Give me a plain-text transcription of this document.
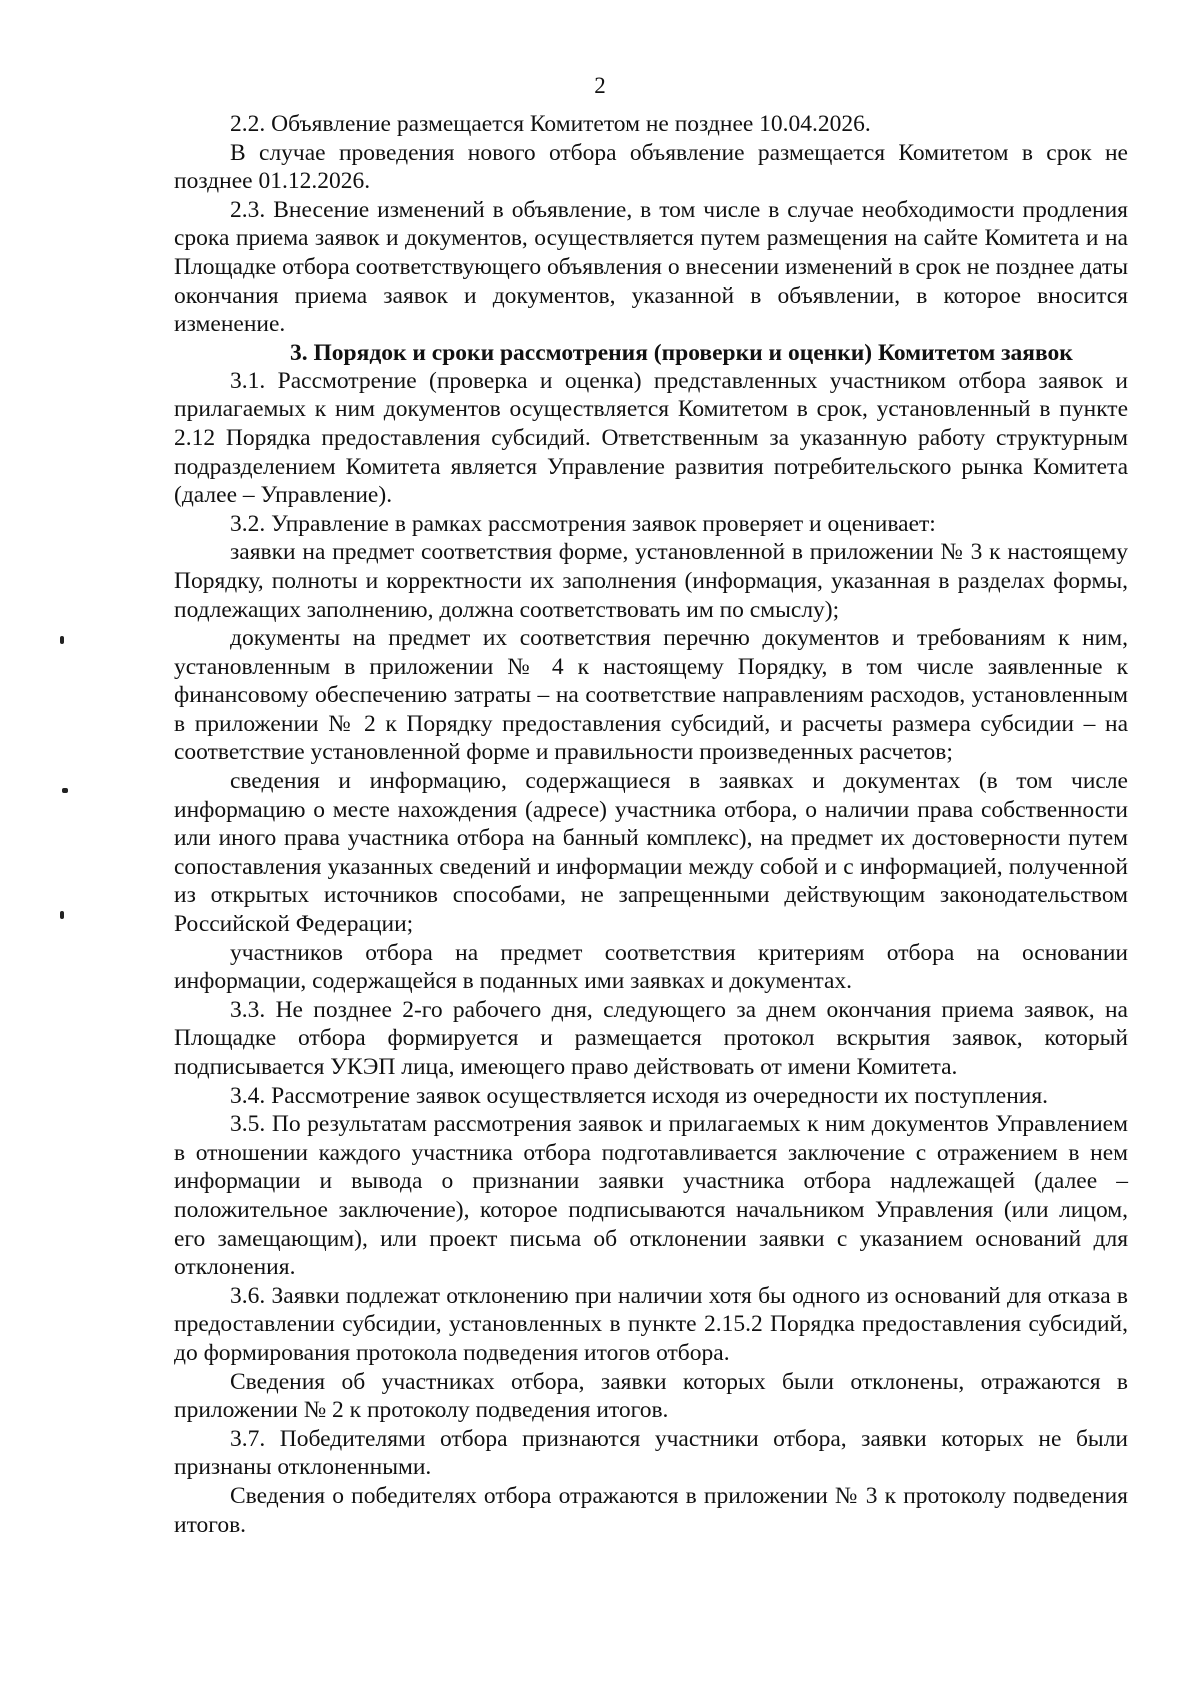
2

2.2. Объявление размещается Комитетом не позднее 10.04.2026.

В случае проведения нового отбора объявление размещается Комитетом в срок не позднее 01.12.2026.

2.3. Внесение изменений в объявление, в том числе в случае необходимости продления срока приема заявок и документов, осуществляется путем размещения на сайте Комитета и на Площадке отбора соответствующего объявления о внесении изменений в срок не позднее даты окончания приема заявок и документов, указанной в объявлении, в которое вносится изменение.

3. Порядок и сроки рассмотрения (проверки и оценки) Комитетом заявок

3.1. Рассмотрение (проверка и оценка) представленных участником отбора заявок и прилагаемых к ним документов осуществляется Комитетом в срок, установленный в пункте 2.12 Порядка предоставления субсидий. Ответственным за указанную работу структурным подразделением Комитета является Управление развития потребительского рынка Комитета (далее – Управление).

3.2. Управление в рамках рассмотрения заявок проверяет и оценивает:

заявки на предмет соответствия форме, установленной в приложении № 3 к настоящему Порядку, полноты и корректности их заполнения (информация, указанная в разделах формы, подлежащих заполнению, должна соответствовать им по смыслу);

документы на предмет их соответствия перечню документов и требованиям к ним, установленным в приложении № 4 к настоящему Порядку, в том числе заявленные к финансовому обеспечению затраты – на соответствие направлениям расходов, установленным в приложении № 2 к Порядку предоставления субсидий, и расчеты размера субсидии – на соответствие установленной форме и правильности произведенных расчетов;

сведения и информацию, содержащиеся в заявках и документах (в том числе информацию о месте нахождения (адресе) участника отбора, о наличии права собственности или иного права участника отбора на банный комплекс), на предмет их достоверности путем сопоставления указанных сведений и информации между собой и с информацией, полученной из открытых источников способами, не запрещенными действующим законодательством Российской Федерации;

участников отбора на предмет соответствия критериям отбора на основании информации, содержащейся в поданных ими заявках и документах.

3.3. Не позднее 2-го рабочего дня, следующего за днем окончания приема заявок, на Площадке отбора формируется и размещается протокол вскрытия заявок, который подписывается УКЭП лица, имеющего право действовать от имени Комитета.

3.4. Рассмотрение заявок осуществляется исходя из очередности их поступления.

3.5. По результатам рассмотрения заявок и прилагаемых к ним документов Управлением в отношении каждого участника отбора подготавливается заключение с отражением в нем информации и вывода о признании заявки участника отбора надлежащей (далее – положительное заключение), которое подписываются начальником Управления (или лицом, его замещающим), или проект письма об отклонении заявки с указанием оснований для отклонения.

3.6. Заявки подлежат отклонению при наличии хотя бы одного из оснований для отказа в предоставлении субсидии, установленных в пункте 2.15.2 Порядка предоставления субсидий, до формирования протокола подведения итогов отбора.

Сведения об участниках отбора, заявки которых были отклонены, отражаются в приложении № 2 к протоколу подведения итогов.

3.7. Победителями отбора признаются участники отбора, заявки которых не были признаны отклоненными.

Сведения о победителях отбора отражаются в приложении № 3 к протоколу подведения итогов.
